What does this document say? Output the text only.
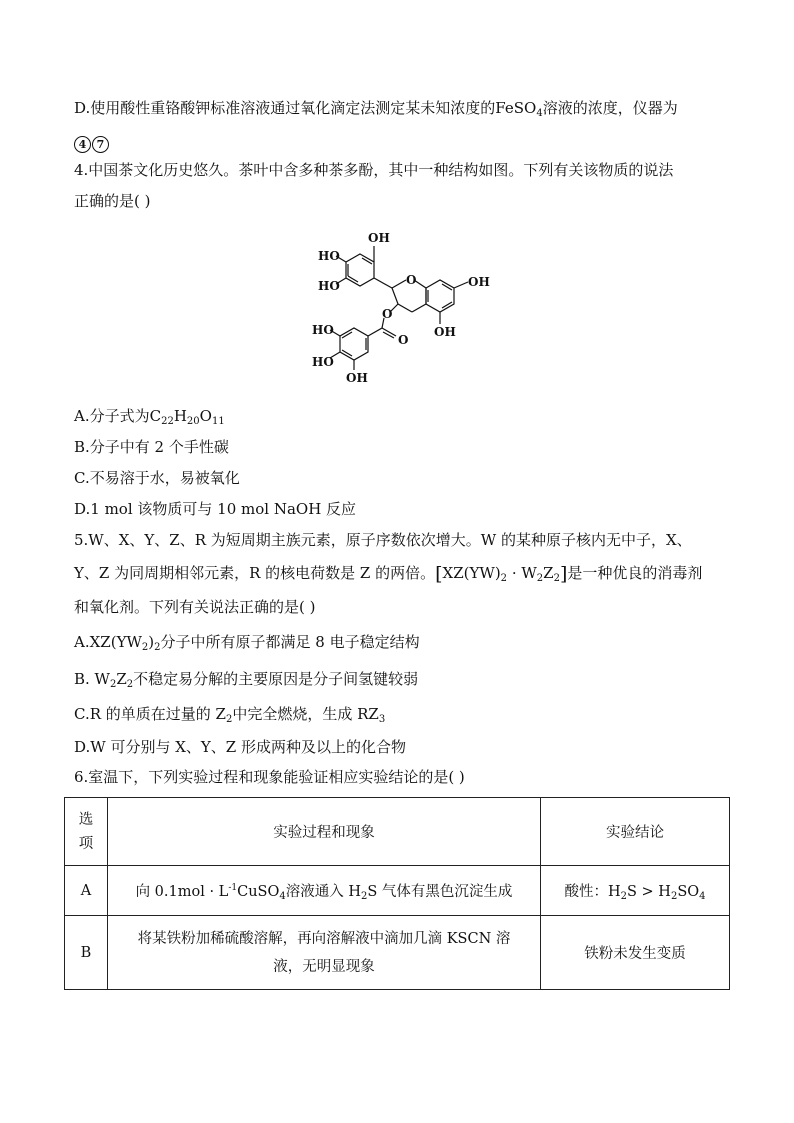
D.使用酸性重铬酸钾标准溶液通过氧化滴定法测定某未知浓度的FeSO$_4$溶液的浓度，仪器为
4 7
4.中国茶文化历史悠久。茶叶中含多种茶多酚，其中一种结构如图。下列有关该物质的说法
正确的是( )
OH
HO
HO	O	OH
O
O
OH
HO
HO
OH
A.分子式为$C_{22}H_{20}O_{11}$
B.分子中有 2 个手性碳
C.不易溶于水，易被氧化
D.1 mol 该物质可与 10 mol NaOH 反应
5.W、X、Y、Z、R 为短周期主族元素，原子序数依次增大。W 的某种原子核内无中子，X、
Y、Z 为同周期相邻元素，R 的核电荷数是 Z 的两倍。$[XZ(YW)_2 \cdot W_2Z_2]$是一种优良的消毒剂
和氧化剂。下列有关说法正确的是( )
$A.XZ(YW_2)_2$分子中所有原子都满足 8 电子稳定结构
B. $W_2Z_2$不稳定易分解的主要原因是分子间氢键较弱
C.R 的单质在过量的 $Z_2$中完全燃烧，生成 $RZ_3$
D.W 可分别与 X、Y、Z 形成两种及以上的化合物
6.室温下，下列实验过程和现象能验证相应实验结论的是( )
选
项	实验过程和现象	实验结论
A	向 $0.1mol \cdot L^{-1}CuSO_4$溶液通入 $H_2S$ 气体有黑色沉淀生成	酸性：$H_2S > H_2SO_4$
B	将某铁粉加稀硫酸溶解，再向溶解液中滴加几滴 KSCN 溶
液，无明显现象	铁粉未发生变质
